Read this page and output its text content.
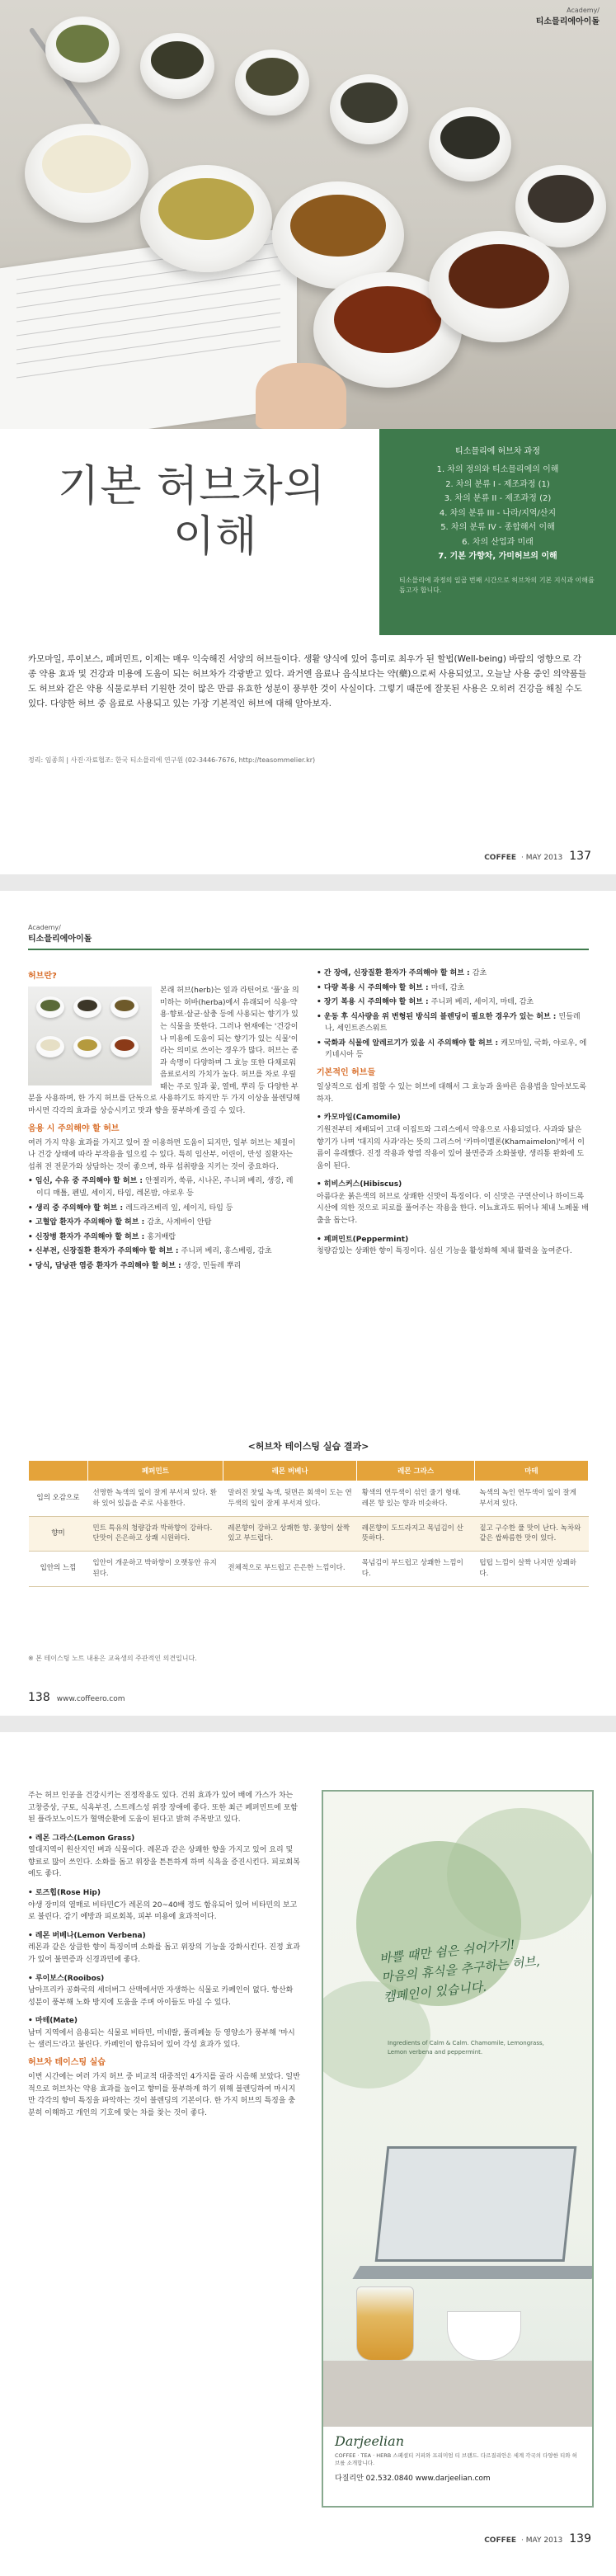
Academy/
티소믈리에아이돌
티소믈리에 허브차 과정
1. 차의 정의와 티소믈리에의 이해
2. 차의 분류 I - 제조과정 (1)
3. 차의 분류 II - 제조과정 (2)
4. 차의 분류 III - 나라/지역/산지
5. 차의 분류 IV - 종합해서 이해
6. 차의 산업과 미래
7. 기본 가향차, 가미허브의 이해

티소믈리에 과정의 일곱 번째 시간으로 허브차의 기본 지식과 이해를 돕고자 합니다.

기본 허브차의
이해

카모마일, 루이보스, 페퍼민트, 이제는 매우 익숙해진 서양의 허브들이다. 생활 양식에 있어 흥미로 최우가 된 할법(Well-being) 바람의 영향으로 각종 약용 효과 및 건강과 미용에 도움이 되는 허브차가 각광받고 있다. 과거엔 음료나 음식보다는 약(藥)으로써 사용되었고, 오늘날 사용 중인 의약품들도 허브와 같은 약용 식물로부터 기원한 것이 많은 만큼 유효한 성분이 풍부한 것이 사실이다. 그렇기 때문에 잘못된 사용은 오히려 건강을 해칠 수도 있다. 다양한 허브 중 음료로 사용되고 있는 가장 기본적인 허브에 대해 알아보자.

정리: 임종희 | 사진·자료협조: 한국 티소믈리에 연구원 (02-3446-7676, http://teasommelier.kr)

COFFEE · MAY 2013 137
Academy/
티소믈리에아이돌
허브란?

본래 허브(herb)는 잎과 라틴어로 '풀'을 의미하는 허바(herba)에서 유래되어 식용·약용·향료·살균·살충 등에 사용되는 향기가 있는 식물을 뜻한다. 그러나 현재에는 '건강이나 미용에 도움이 되는 향기가 있는 식물'이라는 의미로 쓰이는 경우가 많다. 허브는 종과 속명이 다양하며 그 효능 또한 다채로워 음료로서의 가치가 높다. 허브를 차로 우릴 때는 주로 잎과 꽃, 열매, 뿌리 등 다양한 부분을 사용하며, 한 가지 허브를 단독으로 사용하기도 하지만 두 가지 이상을 블렌딩해 마시면 각각의 효과를 상승시키고 맛과 향을 풍부하게 즐길 수 있다.

음용 시 주의해야 할 허브

여러 가지 약용 효과를 가지고 있어 잘 이용하면 도움이 되지만, 일부 허브는 체질이나 건강 상태에 따라 부작용을 일으킬 수 있다. 특히 임산부, 어린이, 만성 질환자는 섭취 전 전문가와 상담하는 것이 좋으며, 하루 섭취량을 지키는 것이 중요하다.

• 임신, 수유 중 주의해야 할 허브 : 안젤리카, 쑥류, 시나몬, 주니퍼 베리, 생강, 레이디 매틀, 펜넬, 세이지, 타임, 레몬밤, 야로우 등

• 생리 중 주의해야 할 허브 : 레드라즈베리 잎, 세이지, 타임 등

• 고혈압 환자가 주의해야 할 허브 : 감초, 사계바이 안탐

• 신장병 환자가 주의해야 할 허브 : 홍거배랍

• 신부전, 신장질환 환자가 주의해야 할 허브 : 주니퍼 베리, 홍스베링, 감초

• 당식, 담낭관 염증 환자가 주의해야 할 허브 : 생강, 민들레 뿌리

• 간 장애, 신장질환 환자가 주의해야 할 허브 : 감초

• 다량 복용 시 주의해야 할 허브 : 마테, 감초

• 장기 복용 시 주의해야 할 허브 : 주니퍼 베리, 세이지, 마테, 감초

• 운동 후 식사량을 위 변형된 방식의 블렌딩이 필요한 경우가 있는 허브 : 민들레나, 세인트존스워트

• 국화과 식물에 알레르기가 있을 시 주의해야 할 허브 : 캐모마일, 국화, 야로우, 에키네시아 등

기본적인 허브들

일상적으로 쉽게 접할 수 있는 허브에 대해서 그 효능과 올바른 음용법을 알아보도록 하자.

• 카모마일(Camomile)

기원전부터 재배되어 고대 이집트와 그리스에서 약용으로 사용되었다. 사과와 닮은 향기가 나며 '대지의 사과'라는 뜻의 그리스어 '카마이멜론(Khamaimelon)'에서 이름이 유래했다. 진정 작용과 항염 작용이 있어 불면증과 소화불량, 생리통 완화에 도움이 된다.

• 히비스커스(Hibiscus)

아름다운 붉은색의 허브로 상쾌한 신맛이 특징이다. 이 신맛은 구연산이나 하이드록시산에 의한 것으로 피로를 풀어주는 작용을 한다. 이뇨효과도 뛰어나 체내 노폐물 배출을 돕는다.

• 페퍼민트(Peppermint)

청량감있는 상쾌한 향이 특징이다. 심신 기능을 활성화해 체내 활력을 높여준다.

<허브차 테이스팅 실습 결과>
	페퍼민트	레몬 버베나	레몬 그라스	마테
입의 오감으로	선명한 녹색의 잎이 잘게 부서져 있다. 환하 있어 있음을 주로 사용한다.	말려진 찻잎 녹색, 뒷면은 회색이 도는 연두색의 잎이 잘게 부서져 있다.	황색의 연두색이 섞인 줄기 형태. 레몬 향 있는 향과 비슷하다.	녹색의 녹인 연두색이 잎이 잘게 부서져 있다.
향미	민트 특유의 청량감과 박하향이 강하다. 단맛이 은은하고 상쾌 시원하다.	레몬향이 강하고 상쾌한 향. 꽃향이 살짝 있고 부드럽다.	레몬향이 도드라지고 목넘김이 산뜻하다.	짙고 구수한 풀 맛이 난다. 녹차와 같은 쌉싸름한 맛이 있다.
입안의 느낌	입안이 개운하고 박하향이 오랫동안 유지된다.	전체적으로 부드럽고 은은한 느낌이다.	목넘김이 부드럽고 상쾌한 느낌이다.	텁텁 느낌이 살짝 나지만 상쾌하다.

※ 본 테이스팅 노트 내용은 교육생의 주관적인 의견입니다.

138 www.coffeero.com

주는 허브 인공을 건강시키는 진정작용도 있다. 건위 효과가 있어 배에 가스가 차는 고창증상, 구토, 식욕부진, 스트레스성 위장 장애에 좋다. 또한 최근 페퍼민트에 포함된 플라보노이드가 혈액순환에 도움이 된다고 밝혀 주목받고 있다.

• 레몬 그라스(Lemon Grass)

열대지역이 원산지인 벼과 식물이다. 레몬과 같은 상쾌한 향을 가지고 있어 요리 및 향료로 많이 쓰인다. 소화를 돕고 위장을 튼튼하게 하며 식욕을 증진시킨다. 피로회복에도 좋다.

• 로즈힙(Rose Hip)

야생 장미의 열매로 비타민C가 레몬의 20~40배 정도 함유되어 있어 비타민의 보고로 불린다. 감기 예방과 피로회복, 피부 미용에 효과적이다.

• 레몬 버베나(Lemon Verbena)

레몬과 같은 상큼한 향이 특징이며 소화를 돕고 위장의 기능을 강화시킨다. 진정 효과가 있어 불면증과 신경과민에 좋다.

• 루이보스(Rooibos)

남아프리카 공화국의 세더버그 산맥에서만 자생하는 식물로 카페인이 없다. 항산화 성분이 풍부해 노화 방지에 도움을 주며 아이들도 마실 수 있다.

• 마테(Mate)

남미 지역에서 음용되는 식물로 비타민, 미네랄, 폴리페놀 등 영양소가 풍부해 '마시는 샐러드'라고 불린다. 카페인이 함유되어 있어 각성 효과가 있다.

허브차 테이스팅 실습

이번 시간에는 여러 가지 허브 중 비교적 대중적인 4가지를 골라 시음해 보았다. 일반적으로 허브차는 약용 효과를 높이고 향미를 풍부하게 하기 위해 블렌딩하여 마시지만 각각의 향미 특징을 파악하는 것이 블렌딩의 기본이다. 한 가지 허브의 특징을 충분히 이해하고 개인의 기호에 맞는 차를 찾는 것이 좋다.

바쁠 때만 쉼은 쉬어가기!
마음의 휴식을 추구하는 허브,
캠페인이 있습니다.
Ingredients of Calm & Calm. Chamomile, Lemongrass, Lemon verbena and peppermint.
Darjeelian
COFFEE · TEA · HERB 스페셜티 커피와 프리미엄 티 브랜드. 다르질리안은 세계 각국의 다양한 티와 허브를 소개합니다.
다질리안 02.532.0840 www.darjeelian.com
COFFEE · MAY 2013 139
